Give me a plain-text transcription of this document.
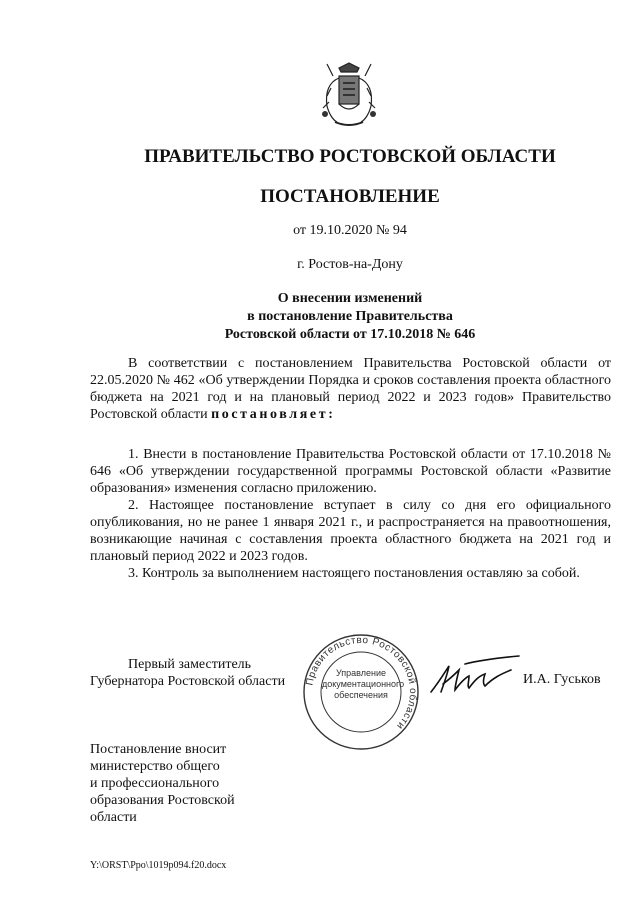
ПРАВИТЕЛЬСТВО РОСТОВСКОЙ ОБЛАСТИ
ПОСТАНОВЛЕНИЕ
от 19.10.2020 № 94
г. Ростов-на-Дону
О внесении изменений
в постановление Правительства
Ростовской области от 17.10.2018 № 646

В соответствии с постановлением Правительства Ростовской области от 22.05.2020 № 462 «Об утверждении Порядка и сроков составления проекта областного бюджета на 2021 год и на плановый период 2022 и 2023 годов» Правительство Ростовской области постановляет:

1. Внести в постановление Правительства Ростовской области от 17.10.2018 № 646 «Об утверждении государственной программы Ростовской области «Развитие образования» изменения согласно приложению.

2. Настоящее постановление вступает в силу со дня его официального опубликования, но не ранее 1 января 2021 г., и распространяется на правоотношения, возникающие начиная с составления проекта областного бюджета на 2021 год и плановый период 2022 и 2023 годов.

3. Контроль за выполнением настоящего постановления оставляю за собой.

Первый заместитель
Губернатора Ростовской области Правительство Ростовской области
Управление
документационного
обеспечения
И.А. Гуськов
Постановление вносит
министерство общего
и профессионального
образования Ростовской
области
Y:\ORST\Ppo\1019p094.f20.docx
